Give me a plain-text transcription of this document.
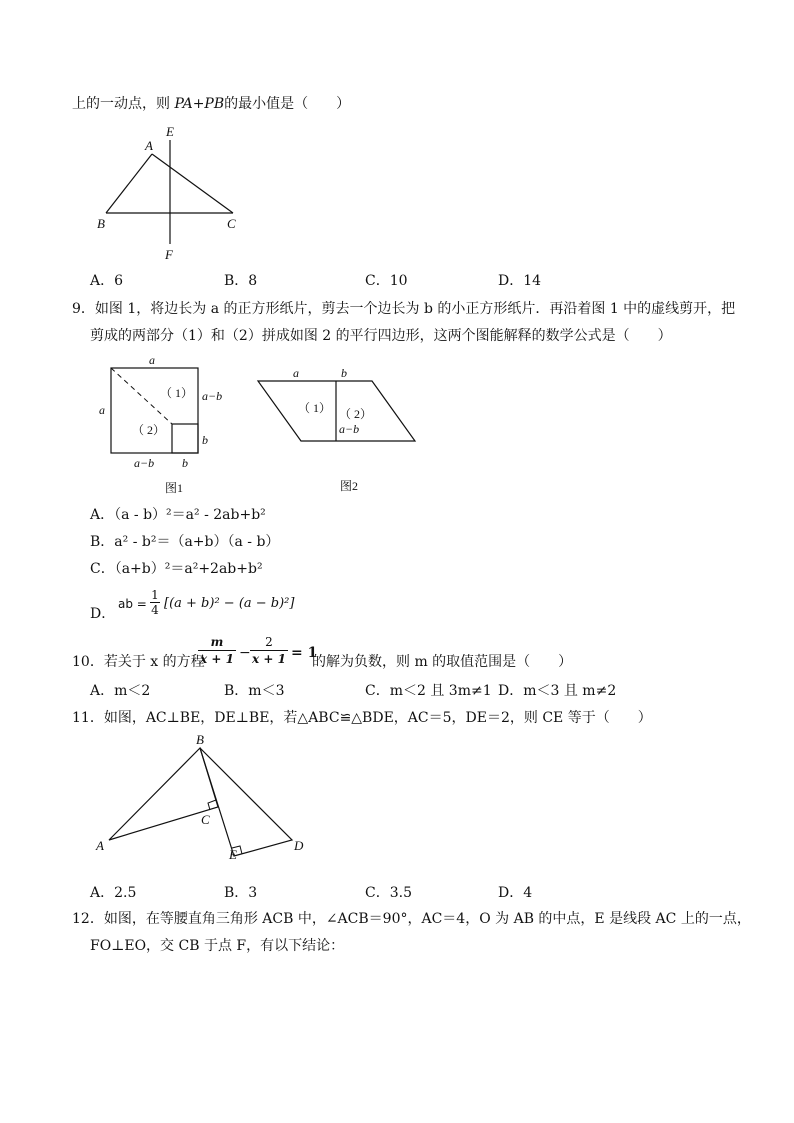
上的一动点，则 PA+PB的最小值是（　　）
A
E
B	C
F
A．6	B．8	C．10	D．14
9．如图 1，将边长为 a 的正方形纸片，剪去一个边长为 b 的小正方形纸片．再沿着图 1 中的虚线剪开，把
剪成的两部分（1）和（2）拼成如图 2 的平行四边形，这两个图能解释的数学公式是（　　）
a
a
a−b
b
a−b b
（ 1）
（ 2）
图1
a	b
（ 1） （ 2）
a−b
图2
A．（a - b）²＝a² - 2ab+b²
B．a² - b²＝（a+b）（a - b）
C．（a+b）²＝a²+2ab+b²
D．
ab = $\frac{1}{4} [(a + b)^2 - (a - b)^2]$
10．若关于 x 的方程
$\frac{m}{x + 1} - \frac{2}{x + 1} = 1$
的解为负数，则 m 的取值范围是（　　）
A．m＜2	B．m＜3	C．m＜2 且 3m≠1 D．m＜3 且 m≠2
11．如图，AC⊥BE，DE⊥BE，若△ABC≌△BDE，AC＝5，DE＝2，则 CE 等于（　　）
B
A
C
D
E
A．2.5	B．3	C．3.5	D．4
12．如图，在等腰直角三角形 ACB 中，∠ACB＝90°，AC＝4，O 为 AB 的中点，E 是线段 AC 上的一点，
FO⊥EO，交 CB 于点 F，有以下结论：
